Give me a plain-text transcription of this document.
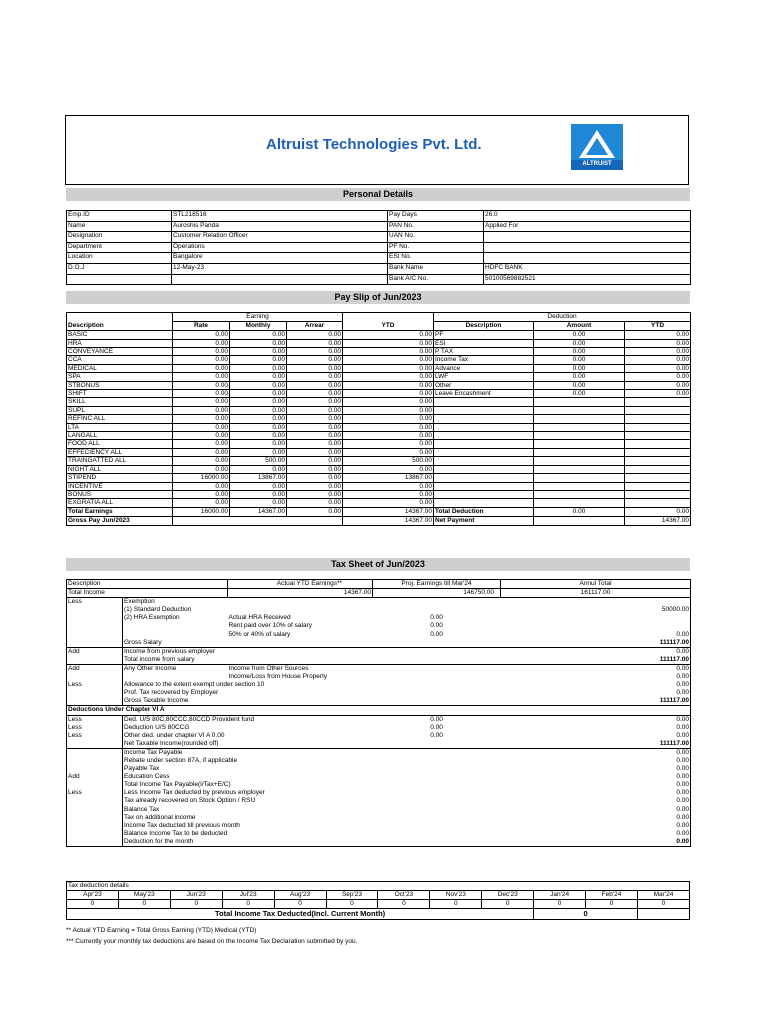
Altruist Technologies Pvt. Ltd.
ALTRUIST
Personal Details
Emp.ID	STL218516	Pay Days	26.0
Name	Auroshis Panda	PAN No.	Applied For
Designation	Customer Relation Officer	UAN No.	
Department	Operations	PF No.	
Location	Bangalore	ESI No.	
D.O.J	12-May-23	Bank Name	HDFC BANK
		Bank A/C No.	50100569882521
Pay Slip of Jun/2023
	Earning				Deduction		
Description	Rate	Monthly	Arrear	YTD	Description	Amount	YTD
BASIC	0.00	0.00	0.00	0.00	PF	0.00	0.00
HRA	0.00	0.00	0.00	0.00	ESI	0.00	0.00
CONVEYANCE	0.00	0.00	0.00	0.00	P TAX	0.00	0.00
CCA	0.00	0.00	0.00	0.00	Income Tax	0.00	0.00
MEDICAL	0.00	0.00	0.00	0.00	Advance	0.00	0.00
SPA	0.00	0.00	0.00	0.00	LWF	0.00	0.00
STBONUS	0.00	0.00	0.00	0.00	Other	0.00	0.00
SHIFT	0.00	0.00	0.00	0.00	Leave Encashment	0.00	0.00
SKILL	0.00	0.00	0.00	0.00			
SUPL	0.00	0.00	0.00	0.00			
REFINC ALL	0.00	0.00	0.00	0.00			
LTA	0.00	0.00	0.00	0.00			
LANGALL	0.00	0.00	0.00	0.00			
FOOD ALL	0.00	0.00	0.00	0.00			
EFFECIENCY ALL	0.00	0.00	0.00	0.00			
TRAINGATTED ALL	0.00	500.00	0.00	500.00			
NIGHT ALL	0.00	0.00	0.00	0.00			
STIPEND	16000.00	13867.00	0.00	13867.00			
INCENTIVE	0.00	0.00	0.00	0.00			
BONUS	0.00	0.00	0.00	0.00			
EXGRATIA ALL	0.00	0.00	0.00	0.00			
Total Earnings	16000.00	14367.00	0.00	14367.00	Total Deduction	0.00	0.00
Gross Pay Jun/2023				14367.00	Net Payment		14367.00
Tax Sheet of Jun/2023
Description		Actual YTD Earnings**	Proj. Earnings till Mar'24	Annul Total
Total Income		14367.00	146750.00	161117.00
Less	Exemption			
	(1) Standard Deduction			50000.00
	(2) HRA Exemption	Actual HRA Received	0.00	
		Rent paid over 10% of salary	0.00	
		50% or 40% of salary	0.00	0.00
	Gross Salary			111117.00
Add	Income from previous employer			0.00
	Total income from salary			111117.00
Add	Any Other Income	Income from Other Sources		0.00
		Income/Loss from House Property		0.00
Less	Allowance to the extent exempt under section 10			0.00
	Prof. Tax recovered by Employer			0.00
	Gross Taxable Income			111117.00
Deductions Under Chapter VI A				
Less	Ded. U/S 80C,80CCC,80CCD Provident fund		0.00	0.00
Less	Deduction U/S 80CCG		0.00	0.00
Less	Other ded. under chapter VI A 0.00		0.00	0.00
	Net Taxable Income(rounded off)			111117.00
	Income Tax Payable			0.00
	Rebate under section 87A, if applicable			0.00
	Payable Tax			0.00
Add	Education Cess			0.00
	Total Income Tax Payable(I/Tax+E/C)			0.00
Less	Less Income Tax deducted by previous employer			0.00
	Tax already recovered on Stock Option / RSU			0.00
	Balance Tax			0.00
	Tax on additional income			0.00
	Income Tax deducted till previous month			0.00
	Balance Income Tax to be deducted			0.00
	Deduction for the month			0.00
Tax deduction details											
Apr'23	May'23	Jun'23	Jul'23	Aug'23	Sep'23	Oct'23	Nov'23	Dec'23	Jan'24	Feb'24	Mar'24
0	0	0	0	0	0	0	0	0	0	0	0
Total Income Tax Deducted(Incl. Current Month)									0		
** Actual YTD Earning = Total Gross Earning (YTD) Medical (YTD)
*** Currently your monthly tax deductions are based on the Income Tax Declaration submitted by you.
